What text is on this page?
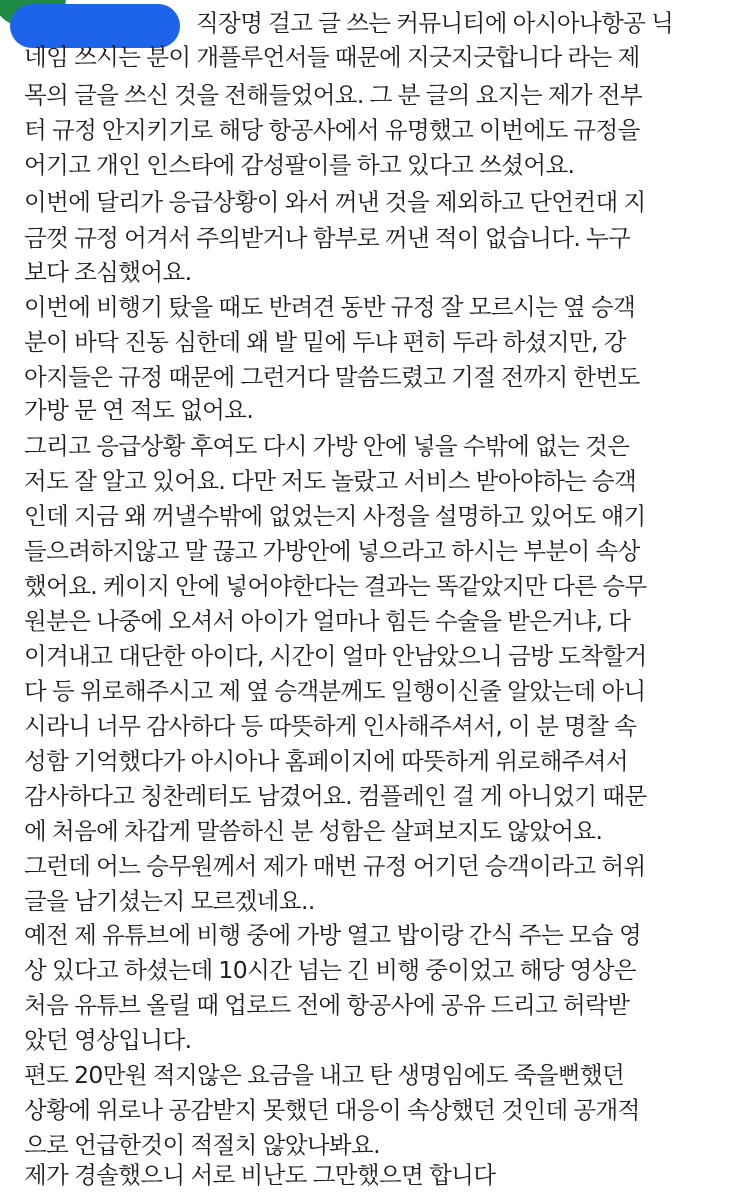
직장명 걸고 글 쓰는 커뮤니티에 아시아나항공 닉
네임 쓰시는 분이 개플루언서들 때문에 지긋지긋합니다 라는 제
목의 글을 쓰신 것을 전해들었어요. 그 분 글의 요지는 제가 전부
터 규정 안지키기로 해당 항공사에서 유명했고 이번에도 규정을
어기고 개인 인스타에 감성팔이를 하고 있다고 쓰셨어요.
이번에 달리가 응급상황이 와서 꺼낸 것을 제외하고 단언컨대 지
금껏 규정 어겨서 주의받거나 함부로 꺼낸 적이 없습니다. 누구
보다 조심했어요.
이번에 비행기 탔을 때도 반려견 동반 규정 잘 모르시는 옆 승객
분이 바닥 진동 심한데 왜 발 밑에 두냐 편히 두라 하셨지만, 강
아지들은 규정 때문에 그런거다 말씀드렸고 기절 전까지 한번도
가방 문 연 적도 없어요.
그리고 응급상황 후여도 다시 가방 안에 넣을 수밖에 없는 것은
저도 잘 알고 있어요. 다만 저도 놀랐고 서비스 받아야하는 승객
인데 지금 왜 꺼낼수밖에 없었는지 사정을 설명하고 있어도 얘기
들으려하지않고 말 끊고 가방안에 넣으라고 하시는 부분이 속상
했어요. 케이지 안에 넣어야한다는 결과는 똑같았지만 다른 승무
원분은 나중에 오셔서 아이가 얼마나 힘든 수술을 받은거냐, 다
이겨내고 대단한 아이다, 시간이 얼마 안남았으니 금방 도착할거
다 등 위로해주시고 제 옆 승객분께도 일행이신줄 알았는데 아니
시라니 너무 감사하다 등 따뜻하게 인사해주셔서, 이 분 명찰 속
성함 기억했다가 아시아나 홈페이지에 따뜻하게 위로해주셔서
감사하다고 칭찬레터도 남겼어요. 컴플레인 걸 게 아니었기 때문
에 처음에 차갑게 말씀하신 분 성함은 살펴보지도 않았어요.
그런데 어느 승무원께서 제가 매번 규정 어기던 승객이라고 허위
글을 남기셨는지 모르겠네요..
예전 제 유튜브에 비행 중에 가방 열고 밥이랑 간식 주는 모습 영
상 있다고 하셨는데 10시간 넘는 긴 비행 중이었고 해당 영상은
처음 유튜브 올릴 때 업로드 전에 항공사에 공유 드리고 허락받
았던 영상입니다.
편도 20만원 적지않은 요금을 내고 탄 생명임에도 죽을뻔했던
상황에 위로나 공감받지 못했던 대응이 속상했던 것인데 공개적
으로 언급한것이 적절치 않았나봐요.
제가 경솔했으니 서로 비난도 그만했으면 합니다
